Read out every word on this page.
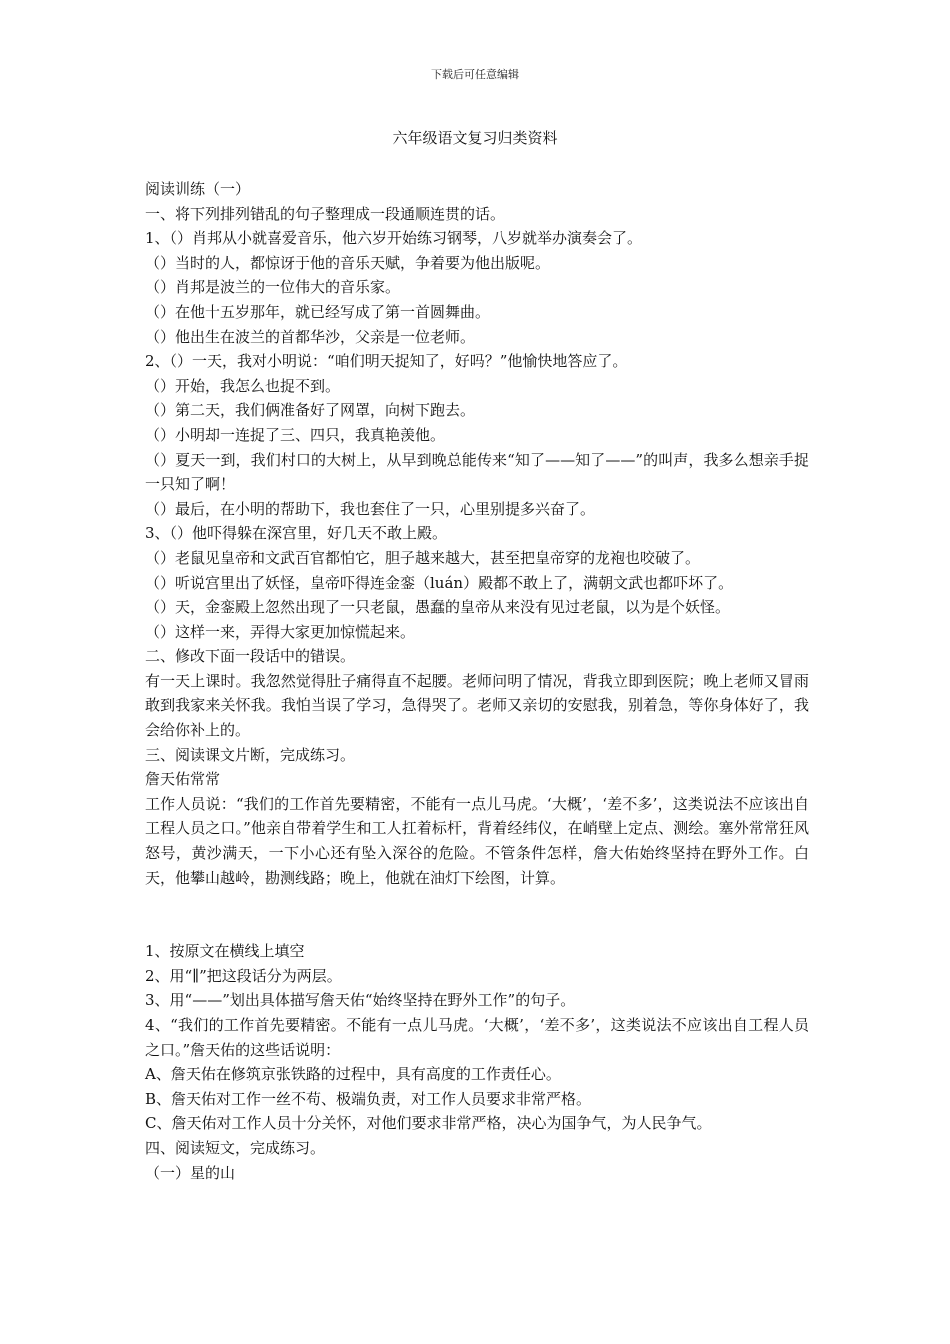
下载后可任意编辑
六年级语文复习归类资料

阅读训练（一）

一、将下列排列错乱的句子整理成一段通顺连贯的话。

1、（）肖邦从小就喜爱音乐，他六岁开始练习钢琴，八岁就举办演奏会了。

（）当时的人，都惊讶于他的音乐天赋，争着要为他出版呢。

（）肖邦是波兰的一位伟大的音乐家。

（）在他十五岁那年，就已经写成了第一首圆舞曲。

（）他出生在波兰的首都华沙，父亲是一位老师。

2、（）一天，我对小明说：“咱们明天捉知了，好吗？”他愉快地答应了。

（）开始，我怎么也捉不到。

（）第二天，我们俩准备好了网罩，向树下跑去。

（）小明却一连捉了三、四只，我真艳羡他。

（）夏天一到，我们村口的大树上，从早到晚总能传来“知了——知了——”的叫声，我多么想亲手捉一只知了啊！

（）最后，在小明的帮助下，我也套住了一只，心里别提多兴奋了。

3、（）他吓得躲在深宫里，好几天不敢上殿。

（）老鼠见皇帝和文武百官都怕它，胆子越来越大，甚至把皇帝穿的龙袍也咬破了。

（）听说宫里出了妖怪，皇帝吓得连金銮（luán）殿都不敢上了，满朝文武也都吓坏了。

（）天，金銮殿上忽然出现了一只老鼠，愚蠢的皇帝从来没有见过老鼠，以为是个妖怪。

（）这样一来，弄得大家更加惊慌起来。

二、修改下面一段话中的错误。

有一天上课时。我忽然觉得肚子痛得直不起腰。老师问明了情况，背我立即到医院；晚上老师又冒雨敢到我家来关怀我。我怕当误了学习，急得哭了。老师又亲切的安慰我，别着急，等你身体好了，我会给你补上的。

三、阅读课文片断，完成练习。

詹天佑常常

工作人员说：“我们的工作首先要精密，不能有一点儿马虎。‘大概’，‘差不多’，这类说法不应该出自工程人员之口。”他亲自带着学生和工人扛着标杆，背着经纬仪，在峭壁上定点、测绘。塞外常常狂风怒号，黄沙满天，一下小心还有坠入深谷的危险。不管条件怎样，詹大佑始终坚持在野外工作。白天，他攀山越岭，勘测线路；晚上，他就在油灯下绘图，计算。

1、按原文在横线上填空

2、用“∥”把这段话分为两层。

3、用“——”划出具体描写詹天佑“始终坚持在野外工作”的句子。

4、“我们的工作首先要精密。不能有一点儿马虎。‘大概’，‘差不多’，这类说法不应该出自工程人员之口。”詹天佑的这些话说明：

A、詹天佑在修筑京张铁路的过程中，具有高度的工作责任心。

B、詹天佑对工作一丝不苟、极端负责，对工作人员要求非常严格。

C、詹天佑对工作人员十分关怀，对他们要求非常严格，决心为国争气，为人民争气。

四、阅读短文，完成练习。

（一）星的山
